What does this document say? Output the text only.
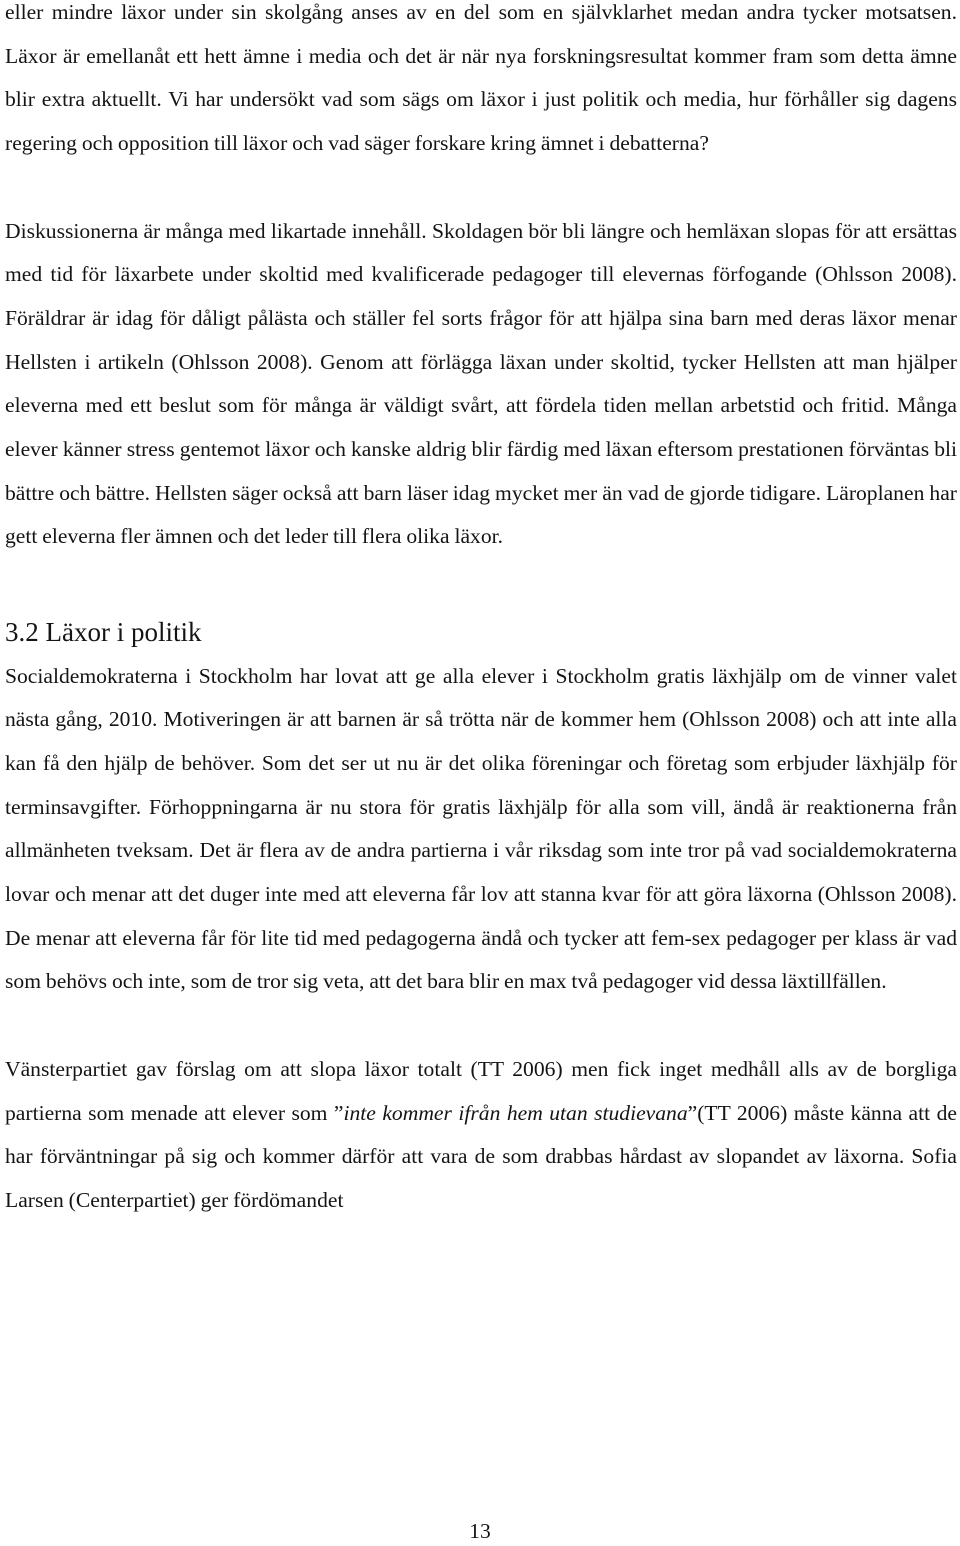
eller mindre läxor under sin skolgång anses av en del som en självklarhet medan andra tycker motsatsen. Läxor är emellanåt ett hett ämne i media och det är när nya forskningsresultat kommer fram som detta ämne blir extra aktuellt. Vi har undersökt vad som sägs om läxor i just politik och media, hur förhåller sig dagens regering och opposition till läxor och vad säger forskare kring ämnet i debatterna?

Diskussionerna är många med likartade innehåll. Skoldagen bör bli längre och hemläxan slopas för att ersättas med tid för läxarbete under skoltid med kvalificerade pedagoger till elevernas förfogande (Ohlsson 2008). Föräldrar är idag för dåligt pålästa och ställer fel sorts frågor för att hjälpa sina barn med deras läxor menar Hellsten i artikeln (Ohlsson 2008). Genom att förlägga läxan under skoltid, tycker Hellsten att man hjälper eleverna med ett beslut som för många är väldigt svårt, att fördela tiden mellan arbetstid och fritid. Många elever känner stress gentemot läxor och kanske aldrig blir färdig med läxan eftersom prestationen förväntas bli bättre och bättre. Hellsten säger också att barn läser idag mycket mer än vad de gjorde tidigare. Läroplanen har gett eleverna fler ämnen och det leder till flera olika läxor.

3.2 Läxor i politik

Socialdemokraterna i Stockholm har lovat att ge alla elever i Stockholm gratis läxhjälp om de vinner valet nästa gång, 2010. Motiveringen är att barnen är så trötta när de kommer hem (Ohlsson 2008) och att inte alla kan få den hjälp de behöver. Som det ser ut nu är det olika föreningar och företag som erbjuder läxhjälp för terminsavgifter. Förhoppningarna är nu stora för gratis läxhjälp för alla som vill, ändå är reaktionerna från allmänheten tveksam. Det är flera av de andra partierna i vår riksdag som inte tror på vad socialdemokraterna lovar och menar att det duger inte med att eleverna får lov att stanna kvar för att göra läxorna (Ohlsson 2008). De menar att eleverna får för lite tid med pedagogerna ändå och tycker att fem-sex pedagoger per klass är vad som behövs och inte, som de tror sig veta, att det bara blir en max två pedagoger vid dessa läxtillfällen.

Vänsterpartiet gav förslag om att slopa läxor totalt (TT 2006) men fick inget medhåll alls av de borgliga partierna som menade att elever som ”inte kommer ifrån hem utan studievana”(TT 2006) måste känna att de har förväntningar på sig och kommer därför att vara de som drabbas hårdast av slopandet av läxorna. Sofia Larsen (Centerpartiet) ger fördömandet

13
